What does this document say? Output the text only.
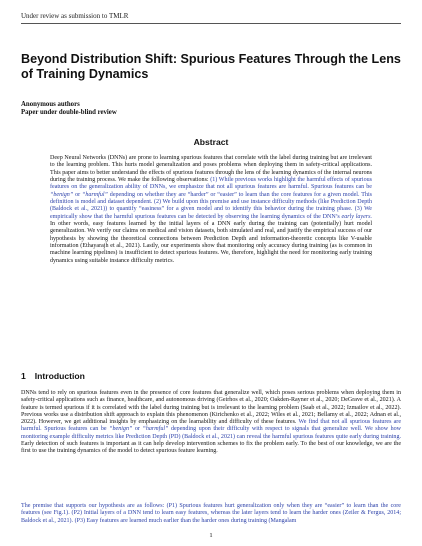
Under review as submission to TMLR
Beyond Distribution Shift: Spurious Features Through the Lens of Training Dynamics
Anonymous authors
Paper under double-blind review
Abstract

Deep Neural Networks (DNNs) are prone to learning spurious features that correlate with the label during training but are irrelevant to the learning problem. This hurts model generalization and poses problems when deploying them in safety-critical applications. This paper aims to better understand the effects of spurious features through the lens of the learning dynamics of the internal neurons during the training process. We make the following observations: (1) While previous works highlight the harmful effects of spurious features on the generalization ability of DNNs, we emphasize that not all spurious features are harmful. Spurious features can be “benign” or “harmful” depending on whether they are “harder” or “easier” to learn than the core features for a given model. This definition is model and dataset dependent. (2) We build upon this premise and use instance difficulty methods (like Prediction Depth (Baldock et al., 2021)) to quantify “easiness” for a given model and to identify this behavior during the training phase. (3) We empirically show that the harmful spurious features can be detected by observing the learning dynamics of the DNN’s early layers. In other words, easy features learned by the initial layers of a DNN early during the training can (potentially) hurt model generalization. We verify our claims on medical and vision datasets, both simulated and real, and justify the empirical success of our hypothesis by showing the theoretical connections between Prediction Depth and information-theoretic concepts like V-usable information (Ethayarajh et al., 2021). Lastly, our experiments show that monitoring only accuracy during training (as is common in machine learning pipelines) is insufficient to detect spurious features. We, therefore, highlight the need for monitoring early training dynamics using suitable instance difficulty metrics.

1 Introduction

DNNs tend to rely on spurious features even in the presence of core features that generalize well, which poses serious problems when deploying them in safety-critical applications such as finance, healthcare, and autonomous driving (Geirhos et al., 2020; Oakden-Rayner et al., 2020; DeGrave et al., 2021). A feature is termed spurious if it is correlated with the label during training but is irrelevant to the learning problem (Saab et al., 2022; Izmailov et al., 2022). Previous works use a distribution shift approach to explain this phenomenon (Kirichenko et al., 2022; Wiles et al., 2021; Bellamy et al., 2022; Adnan et al., 2022). However, we get additional insights by emphasizing on the learnability and difficulty of these features. We find that not all spurious features are harmful. Spurious features can be “benign” or “harmful” depending upon their difficulty with respect to signals that generalize well. We show how monitoring example difficulty metrics like Prediction Depth (PD) (Baldock et al., 2021) can reveal the harmful spurious features quite early during training. Early detection of such features is important as it can help develop intervention schemes to fix the problem early. To the best of our knowledge, we are the first to use the training dynamics of the model to detect spurious feature learning.

The premise that supports our hypothesis are as follows: (P1) Spurious features hurt generalization only when they are “easier” to learn than the core features (see Fig.1). (P2) Initial layers of a DNN tend to learn easy features, whereas the later layers tend to learn the harder ones (Zeiler & Fergus, 2014; Baldock et al., 2021). (P3) Easy features are learned much earlier than the harder ones during training (Mangalam

1
